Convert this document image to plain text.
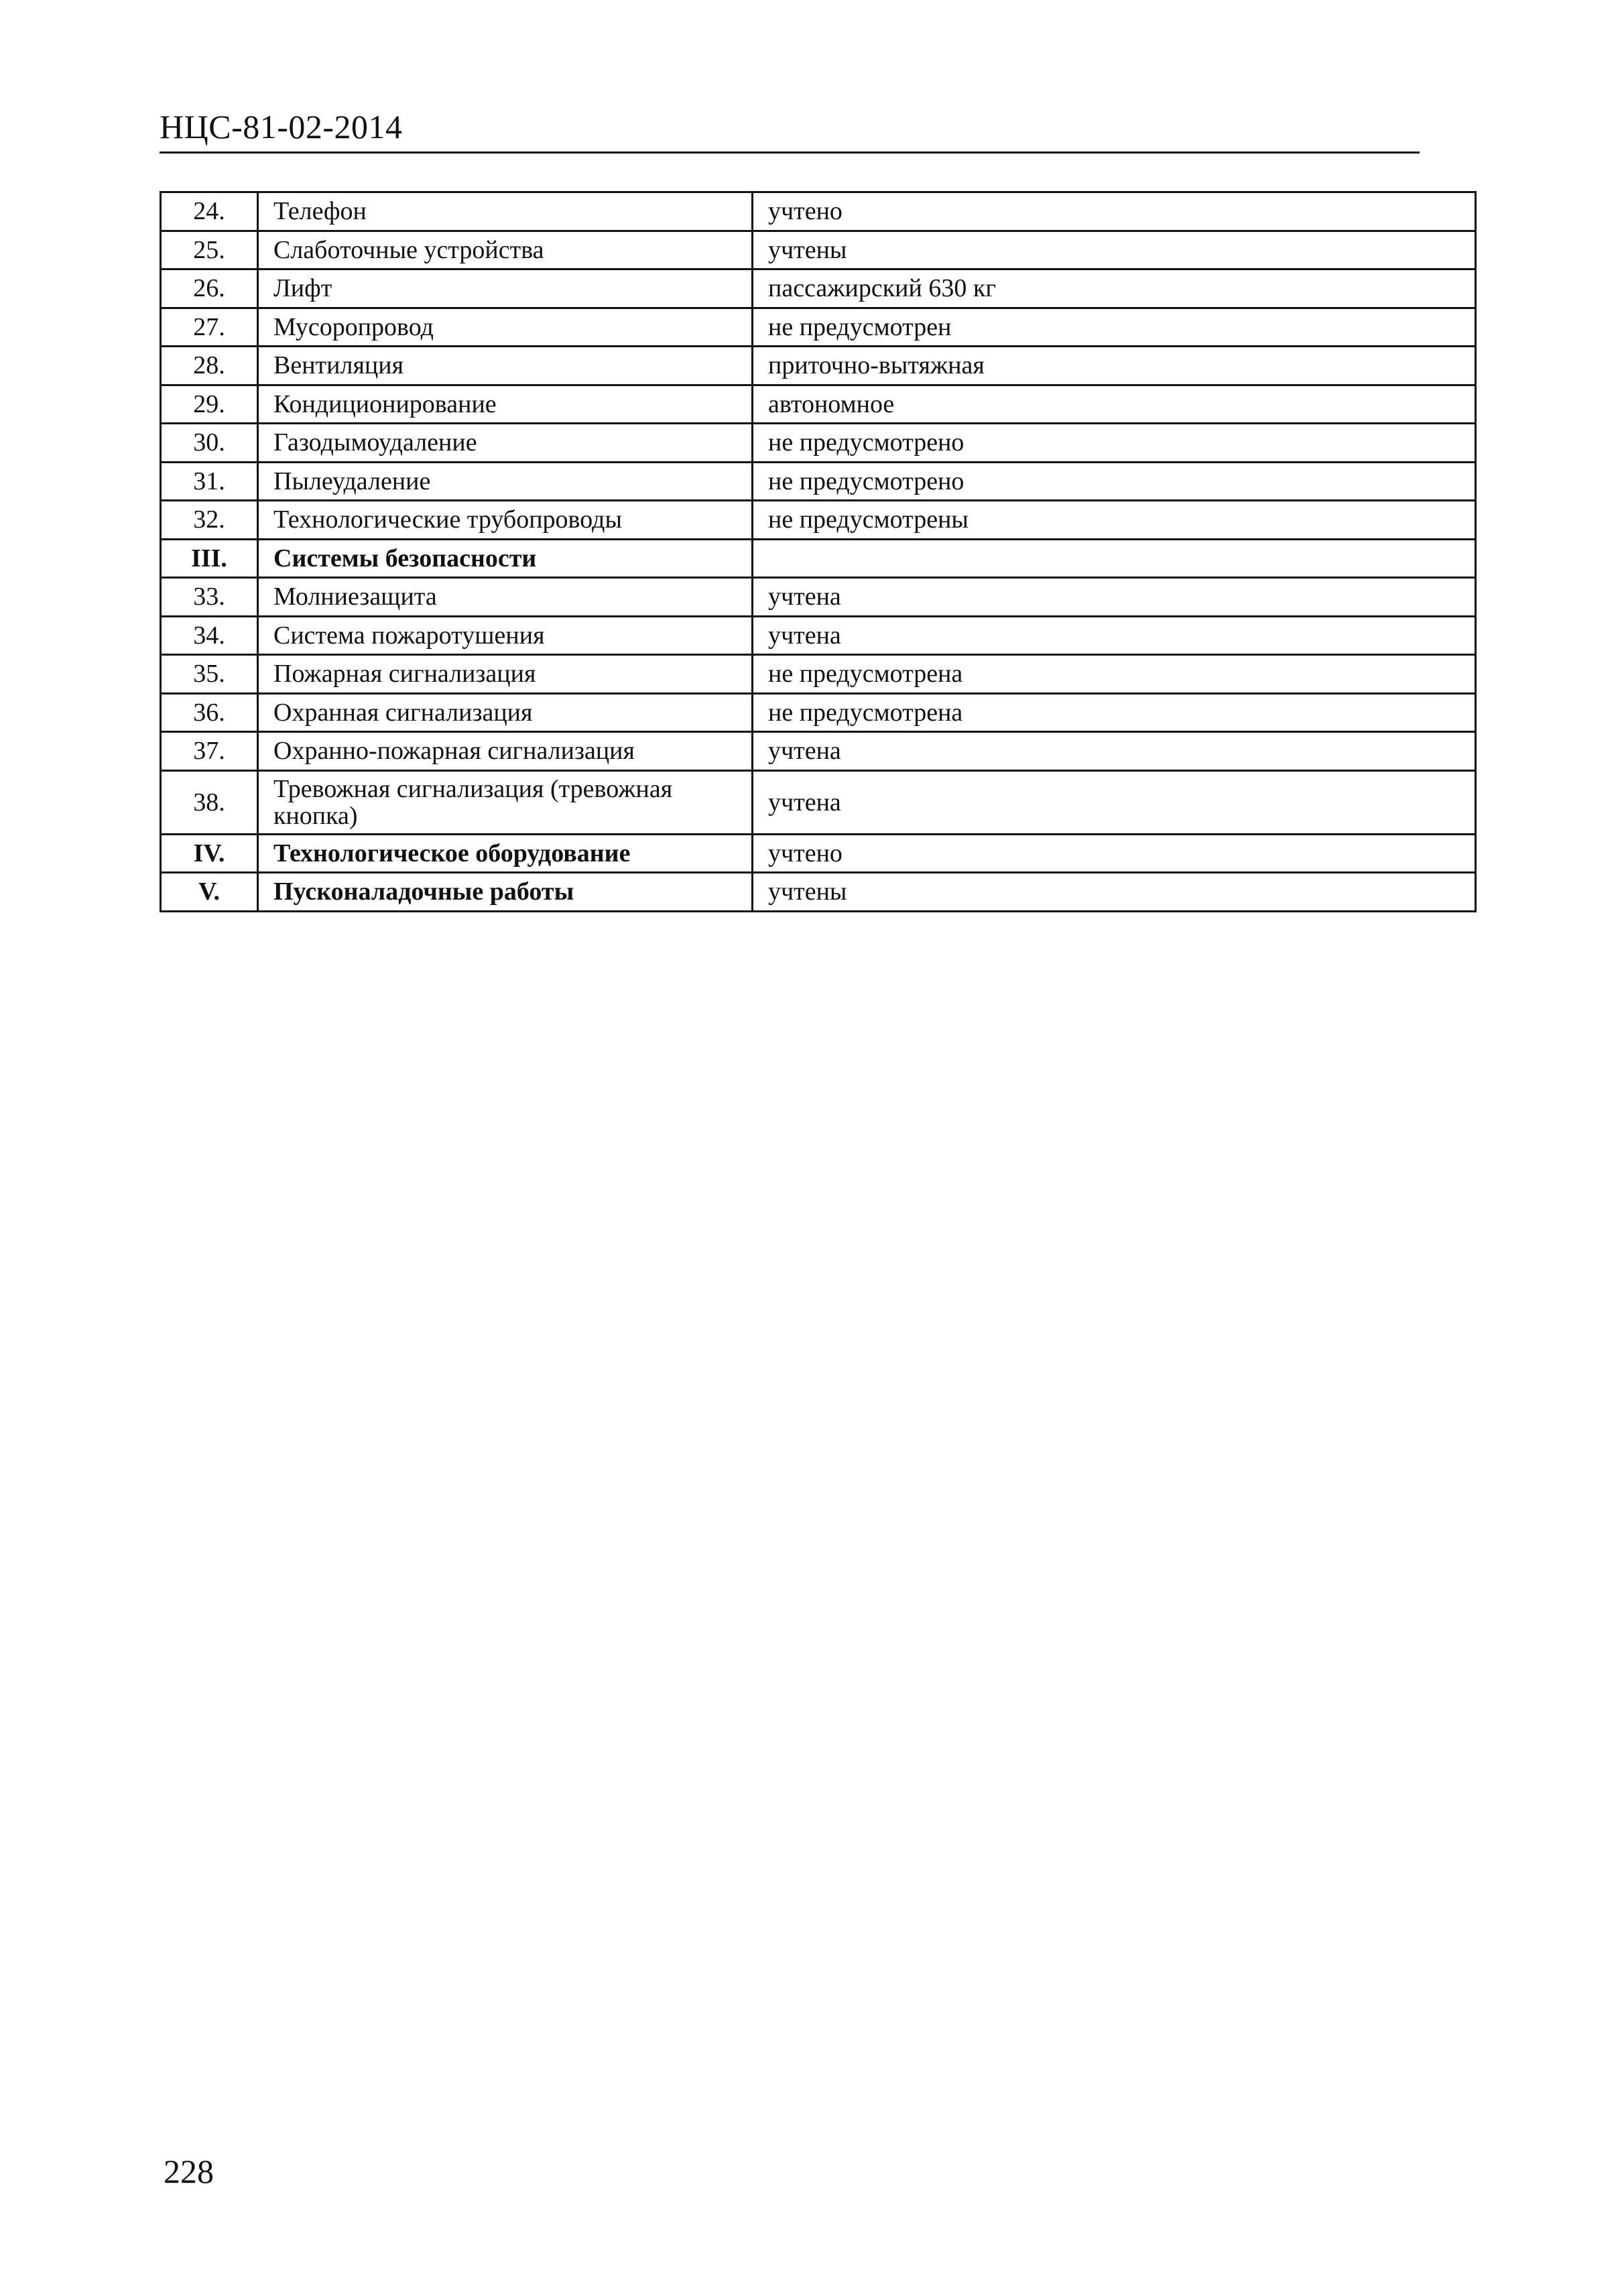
НЦС-81-02-2014
24.	Телефон	учтено
25.	Слаботочные устройства	учтены
26.	Лифт	пассажирский 630 кг
27.	Мусоропровод	не предусмотрен
28.	Вентиляция	приточно-вытяжная
29.	Кондиционирование	автономное
30.	Газодымоудаление	не предусмотрено
31.	Пылеудаление	не предусмотрено
32.	Технологические трубопроводы	не предусмотрены
III.	Системы безопасности	
33.	Молниезащита	учтена
34.	Система пожаротушения	учтена
35.	Пожарная сигнализация	не предусмотрена
36.	Охранная сигнализация	не предусмотрена
37.	Охранно-пожарная сигнализация	учтена
38.	Тревожная сигнализация (тревожная кнопка)	учтена
IV.	Технологическое оборудование	учтено
V.	Пусконаладочные работы	учтены
228
